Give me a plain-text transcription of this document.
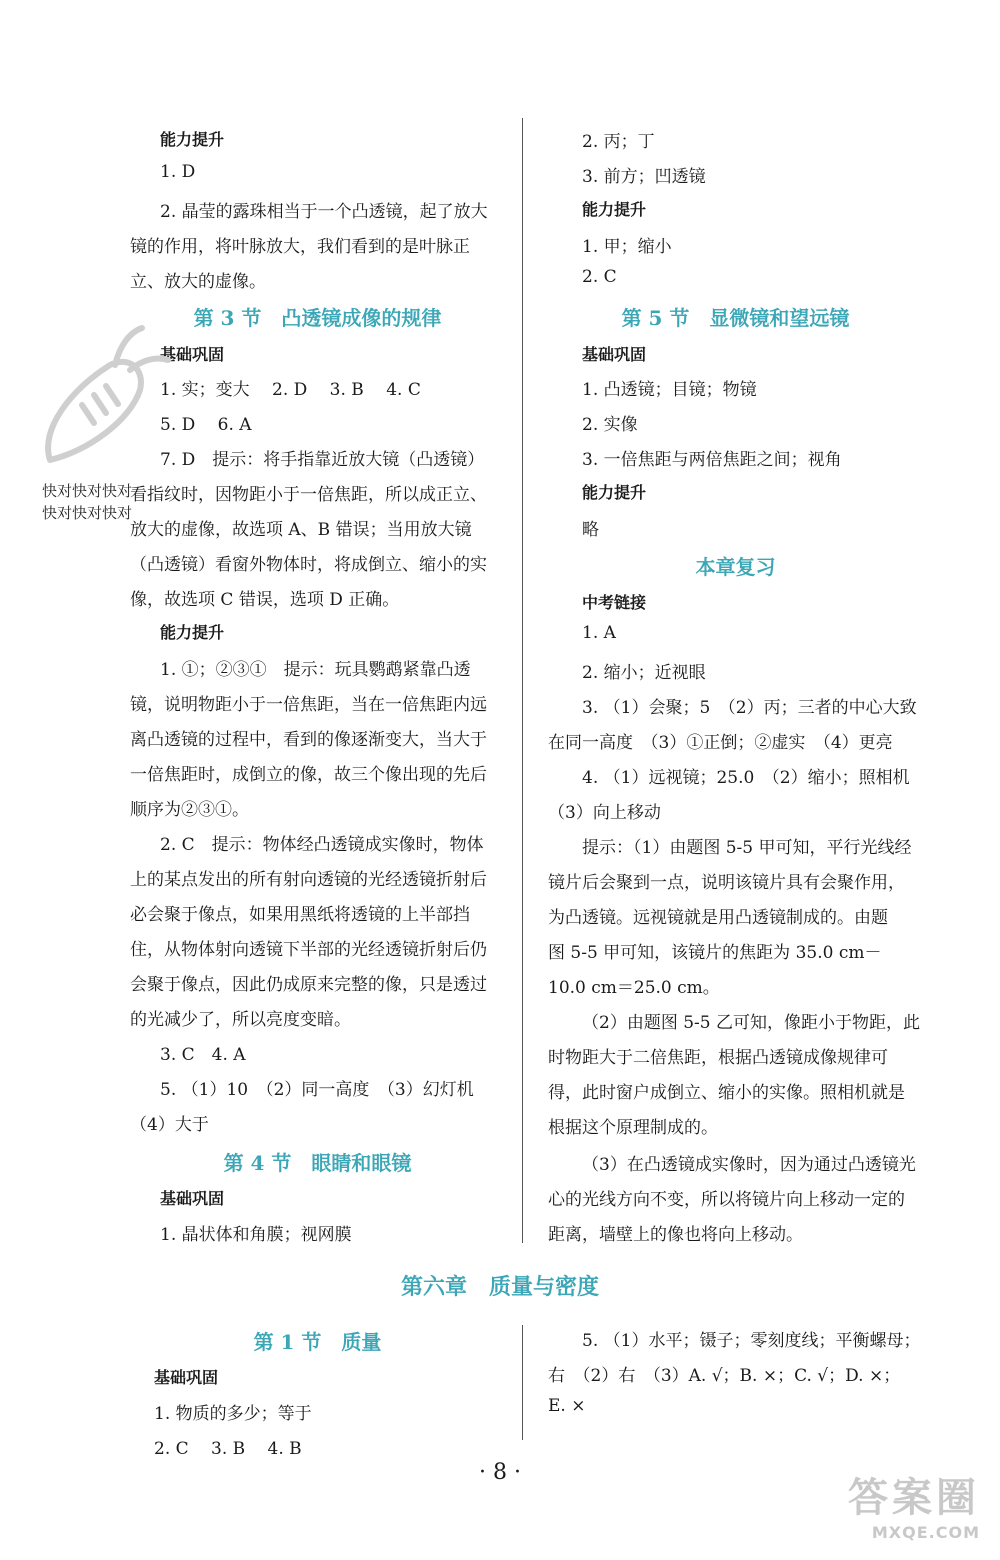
能力提升

1. D

2. 晶莹的露珠相当于一个凸透镜，起了放大

镜的作用，将叶脉放大，我们看到的是叶脉正

立、放大的虚像。

第 3 节　凸透镜成像的规律

基础巩固

1. 实；变大　 2. D　 3. B　 4. C

5. D　 6. A

7. D　提示：将手指靠近放大镜（凸透镜）

看指纹时，因物距小于一倍焦距，所以成正立、

放大的虚像，故选项 A、B 错误；当用放大镜

（凸透镜）看窗外物体时，将成倒立、缩小的实

像，故选项 C 错误，选项 D 正确。

能力提升

1. ①；②③①　提示：玩具鹦鹉紧靠凸透

镜，说明物距小于一倍焦距，当在一倍焦距内远

离凸透镜的过程中，看到的像逐渐变大，当大于

一倍焦距时，成倒立的像，故三个像出现的先后

顺序为②③①。

2. C　提示：物体经凸透镜成实像时，物体

上的某点发出的所有射向透镜的光经透镜折射后

必会聚于像点，如果用黑纸将透镜的上半部挡

住，从物体射向透镜下半部的光经透镜折射后仍

会聚于像点，因此仍成原来完整的像，只是透过

的光减少了，所以亮度变暗。

3. C　4. A

5. （1）10　（2）同一高度　（3）幻灯机

（4）大于

第 4 节　眼睛和眼镜

基础巩固

1. 晶状体和角膜；视网膜

2. 丙；丁

3. 前方；凹透镜

能力提升

1. 甲；缩小

2. C

第 5 节　显微镜和望远镜

基础巩固

1. 凸透镜；目镜；物镜

2. 实像

3. 一倍焦距与两倍焦距之间；视角

能力提升

略

本章复习

中考链接

1. A

2. 缩小；近视眼

3. （1）会聚；5　（2）丙；三者的中心大致

在同一高度　（3）①正倒；②虚实　（4）更亮

4. （1）远视镜；25.0　（2）缩小；照相机

（3）向上移动

提示：（1）由题图 5-5 甲可知，平行光线经

镜片后会聚到一点，说明该镜片具有会聚作用，

为凸透镜。远视镜就是用凸透镜制成的。由题

图 5-5 甲可知，该镜片的焦距为 35.0 cm－

10.0 cm＝25.0 cm。

（2）由题图 5-5 乙可知，像距小于物距，此

时物距大于二倍焦距，根据凸透镜成像规律可

得，此时窗户成倒立、缩小的实像。照相机就是

根据这个原理制成的。

（3）在凸透镜成实像时，因为通过凸透镜光

心的光线方向不变，所以将镜片向上移动一定的

距离，墙壁上的像也将向上移动。

第六章　质量与密度
第 1 节　质量

基础巩固

1. 物质的多少；等于

2. C　 3. B　 4. B

5. （1）水平；镊子；零刻度线；平衡螺母；

右　（2）右　（3）A. √；B. ×；C. √；D. ×；

E. ×

· 8 ·
快对快对快对
快对快对快对
答案圈
MXQE.COM
